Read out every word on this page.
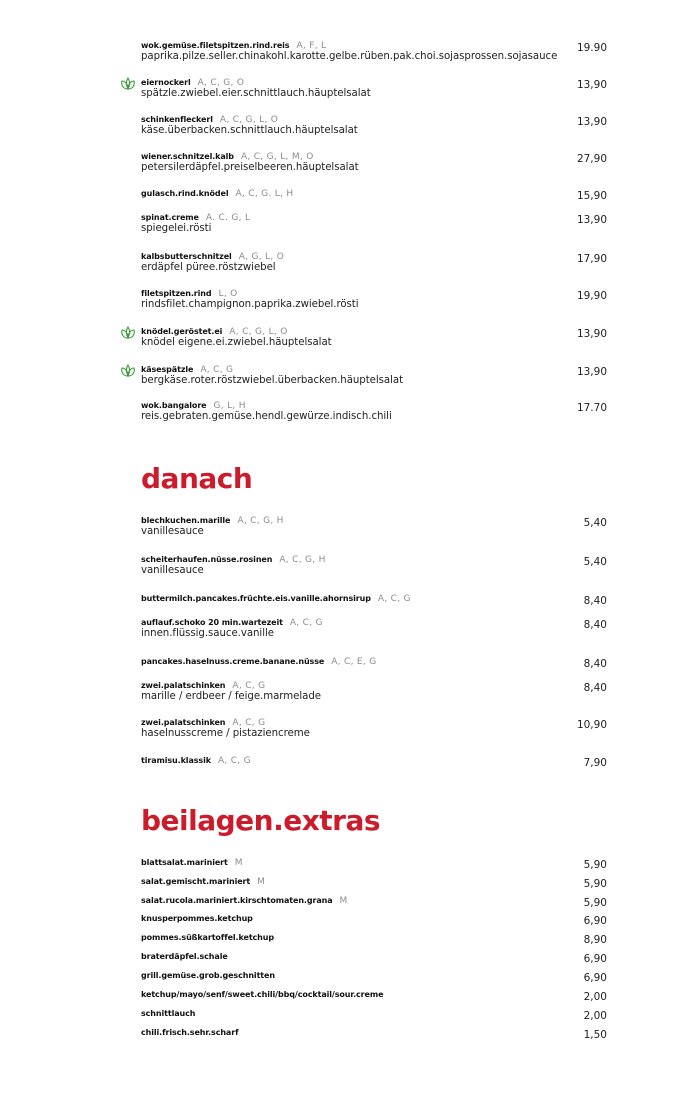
wok.gemüse.filetspitzen.rind.reis A, F, L	19.90
paprika.pilze.seller.chinakohl.karotte.gelbe.rüben.pak.choi.sojasprossen.sojasauce
eiernockerl A, C, G, O	13,90
spätzle.zwiebel.eier.schnittlauch.häuptelsalat
schinkenfleckerl A, C, G, L, O	13,90
käse.überbacken.schnittlauch.häuptelsalat
wiener.schnitzel.kalb A, C, G, L, M, O	27,90
petersilerdäpfel.preiselbeeren.häuptelsalat
gulasch.rind.knödel A, C, G. L, H	15,90
spinat.creme A. C. G, L	13,90
spiegelei.rösti
kalbsbutterschnitzel A, G, L, O	17,90
erdäpfel püree.röstzwiebel
filetspitzen.rind L, O	19,90
rindsfilet.champignon.paprika.zwiebel.rösti
knödel.geröstet.ei A, C, G, L, O	13,90
knödel eigene.ei.zwiebel.häuptelsalat
käsespätzle A, C, G	13,90
bergkäse.roter.röstzwiebel.überbacken.häuptelsalat
wok.bangalore G, L, H	17.70
reis.gebraten.gemüse.hendl.gewürze.indisch.chili
danach
blechkuchen.marille A, C, G, H	5,40
vanillesauce
scheiterhaufen.nüsse.rosinen A, C, G, H	5,40
vanillesauce
buttermilch.pancakes.früchte.eis.vanille.ahornsirup A, C, G	8,40
auflauf.schoko 20 min.wartezeit A, C, G	8,40
innen.flüssig.sauce.vanille
pancakes.haselnuss.creme.banane.nüsse A, C, E, G	8,40
zwei.palatschinken A, C, G	8,40
marille / erdbeer / feige.marmelade
zwei.palatschinken A, C, G	10,90
haselnusscreme / pistaziencreme
tiramisu.klassik A, C, G	7,90
beilagen.extras
blattsalat.mariniert M	5,90
salat.gemischt.mariniert M	5,90
salat.rucola.mariniert.kirschtomaten.grana M	5,90
knusperpommes.ketchup	6,90
pommes.süßkartoffel.ketchup	8,90
braterdäpfel.schale	6,90
grill.gemüse.grob.geschnitten	6,90
ketchup/mayo/senf/sweet.chili/bbq/cocktail/sour.creme	2,00
schnittlauch	2,00
chili.frisch.sehr.scharf	1,50
